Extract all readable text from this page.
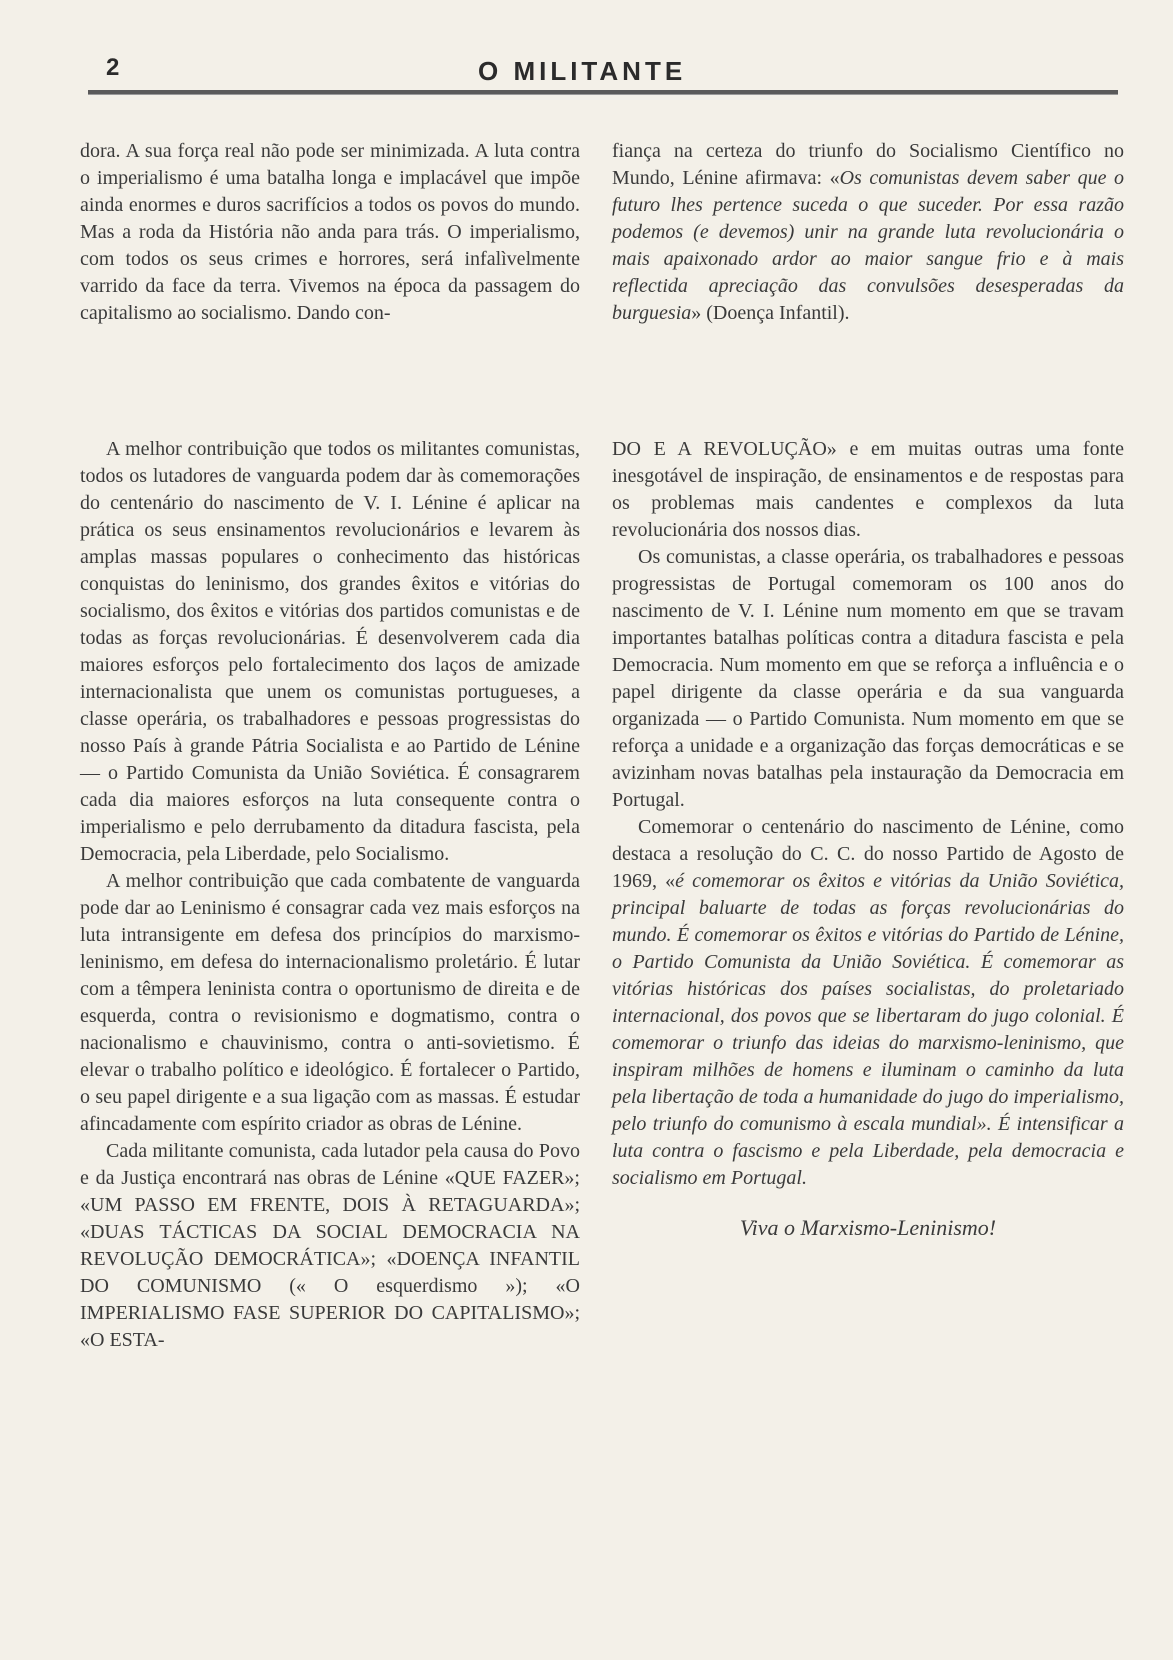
2	O MILITANTE

dora. A sua força real não pode ser minimizada. A luta contra o imperialismo é uma batalha longa e implacável que impõe ainda enormes e duros sacrifícios a todos os povos do mundo. Mas a roda da História não anda para trás. O imperialismo, com todos os seus crimes e horrores, será infalìvelmente varrido da face da terra. Vivemos na época da passagem do capitalismo ao socialismo. Dando con-

fiança na certeza do triunfo do Socialismo Científico no Mundo, Lénine afirmava: «Os comunistas devem saber que o futuro lhes pertence suceda o que suceder. Por essa razão podemos (e devemos) unir na grande luta revolucionária o mais apaixonado ardor ao maior sangue frio e à mais reflectida apreciação das convulsões desesperadas da burguesia» (Doença Infantil).

A melhor contribuição que todos os militantes comunistas, todos os lutadores de vanguarda podem dar às comemorações do centenário do nascimento de V. I. Lénine é aplicar na prática os seus ensinamentos revolucionários e levarem às amplas massas populares o conhecimento das históricas conquistas do leninismo, dos grandes êxitos e vitórias do socialismo, dos êxitos e vitórias dos partidos comunistas e de todas as forças revolucionárias. É desenvolverem cada dia maiores esforços pelo fortalecimento dos laços de amizade internacionalista que unem os comunistas portugueses, a classe operária, os trabalhadores e pessoas progressistas do nosso País à grande Pátria Socialista e ao Partido de Lénine — o Partido Comunista da União Soviética. É consagrarem cada dia maiores esforços na luta consequente contra o imperialismo e pelo derrubamento da ditadura fascista, pela Democracia, pela Liberdade, pelo Socialismo.

A melhor contribuição que cada combatente de vanguarda pode dar ao Leninismo é consagrar cada vez mais esforços na luta intransigente em defesa dos princípios do marxismo-leninismo, em defesa do internacionalismo proletário. É lutar com a têmpera leninista contra o oportunismo de direita e de esquerda, contra o revisionismo e dogmatismo, contra o nacionalismo e chauvinismo, contra o anti-sovietismo. É elevar o trabalho político e ideológico. É fortalecer o Partido, o seu papel dirigente e a sua ligação com as massas. É estudar afincadamente com espírito criador as obras de Lénine.

Cada militante comunista, cada lutador pela causa do Povo e da Justiça encontrará nas obras de Lénine «QUE FAZER»; «UM PASSO EM FRENTE, DOIS À RETAGUARDA»; «DUAS TÁCTICAS DA SOCIAL DEMOCRACIA NA REVOLUÇÃO DEMOCRÁTICA»; «DOENÇA INFANTIL DO COMUNISMO (« O esquerdismo »); «O IMPERIALISMO FASE SUPERIOR DO CAPITALISMO»; «O ESTA-

DO E A REVOLUÇÃO» e em muitas outras uma fonte inesgotável de inspiração, de ensinamentos e de respostas para os problemas mais candentes e complexos da luta revolucionária dos nossos dias.

Os comunistas, a classe operária, os trabalhadores e pessoas progressistas de Portugal comemoram os 100 anos do nascimento de V. I. Lénine num momento em que se travam importantes batalhas políticas contra a ditadura fascista e pela Democracia. Num momento em que se reforça a influência e o papel dirigente da classe operária e da sua vanguarda organizada — o Partido Comunista. Num momento em que se reforça a unidade e a organização das forças democráticas e se avizinham novas batalhas pela instauração da Democracia em Portugal.

Comemorar o centenário do nascimento de Lénine, como destaca a resolução do C. C. do nosso Partido de Agosto de 1969, «é comemorar os êxitos e vitórias da União Soviética, principal baluarte de todas as forças revolucionárias do mundo. É comemorar os êxitos e vitórias do Partido de Lénine, o Partido Comunista da União Soviética. É comemorar as vitórias históricas dos países socialistas, do proletariado internacional, dos povos que se libertaram do jugo colonial. É comemorar o triunfo das ideias do marxismo-leninismo, que inspiram milhões de homens e iluminam o caminho da luta pela libertação de toda a humanidade do jugo do imperialismo, pelo triunfo do comunismo à escala mundial». É intensificar a luta contra o fascismo e pela Liberdade, pela democracia e socialismo em Portugal.

Viva o Marxismo-Leninismo!
